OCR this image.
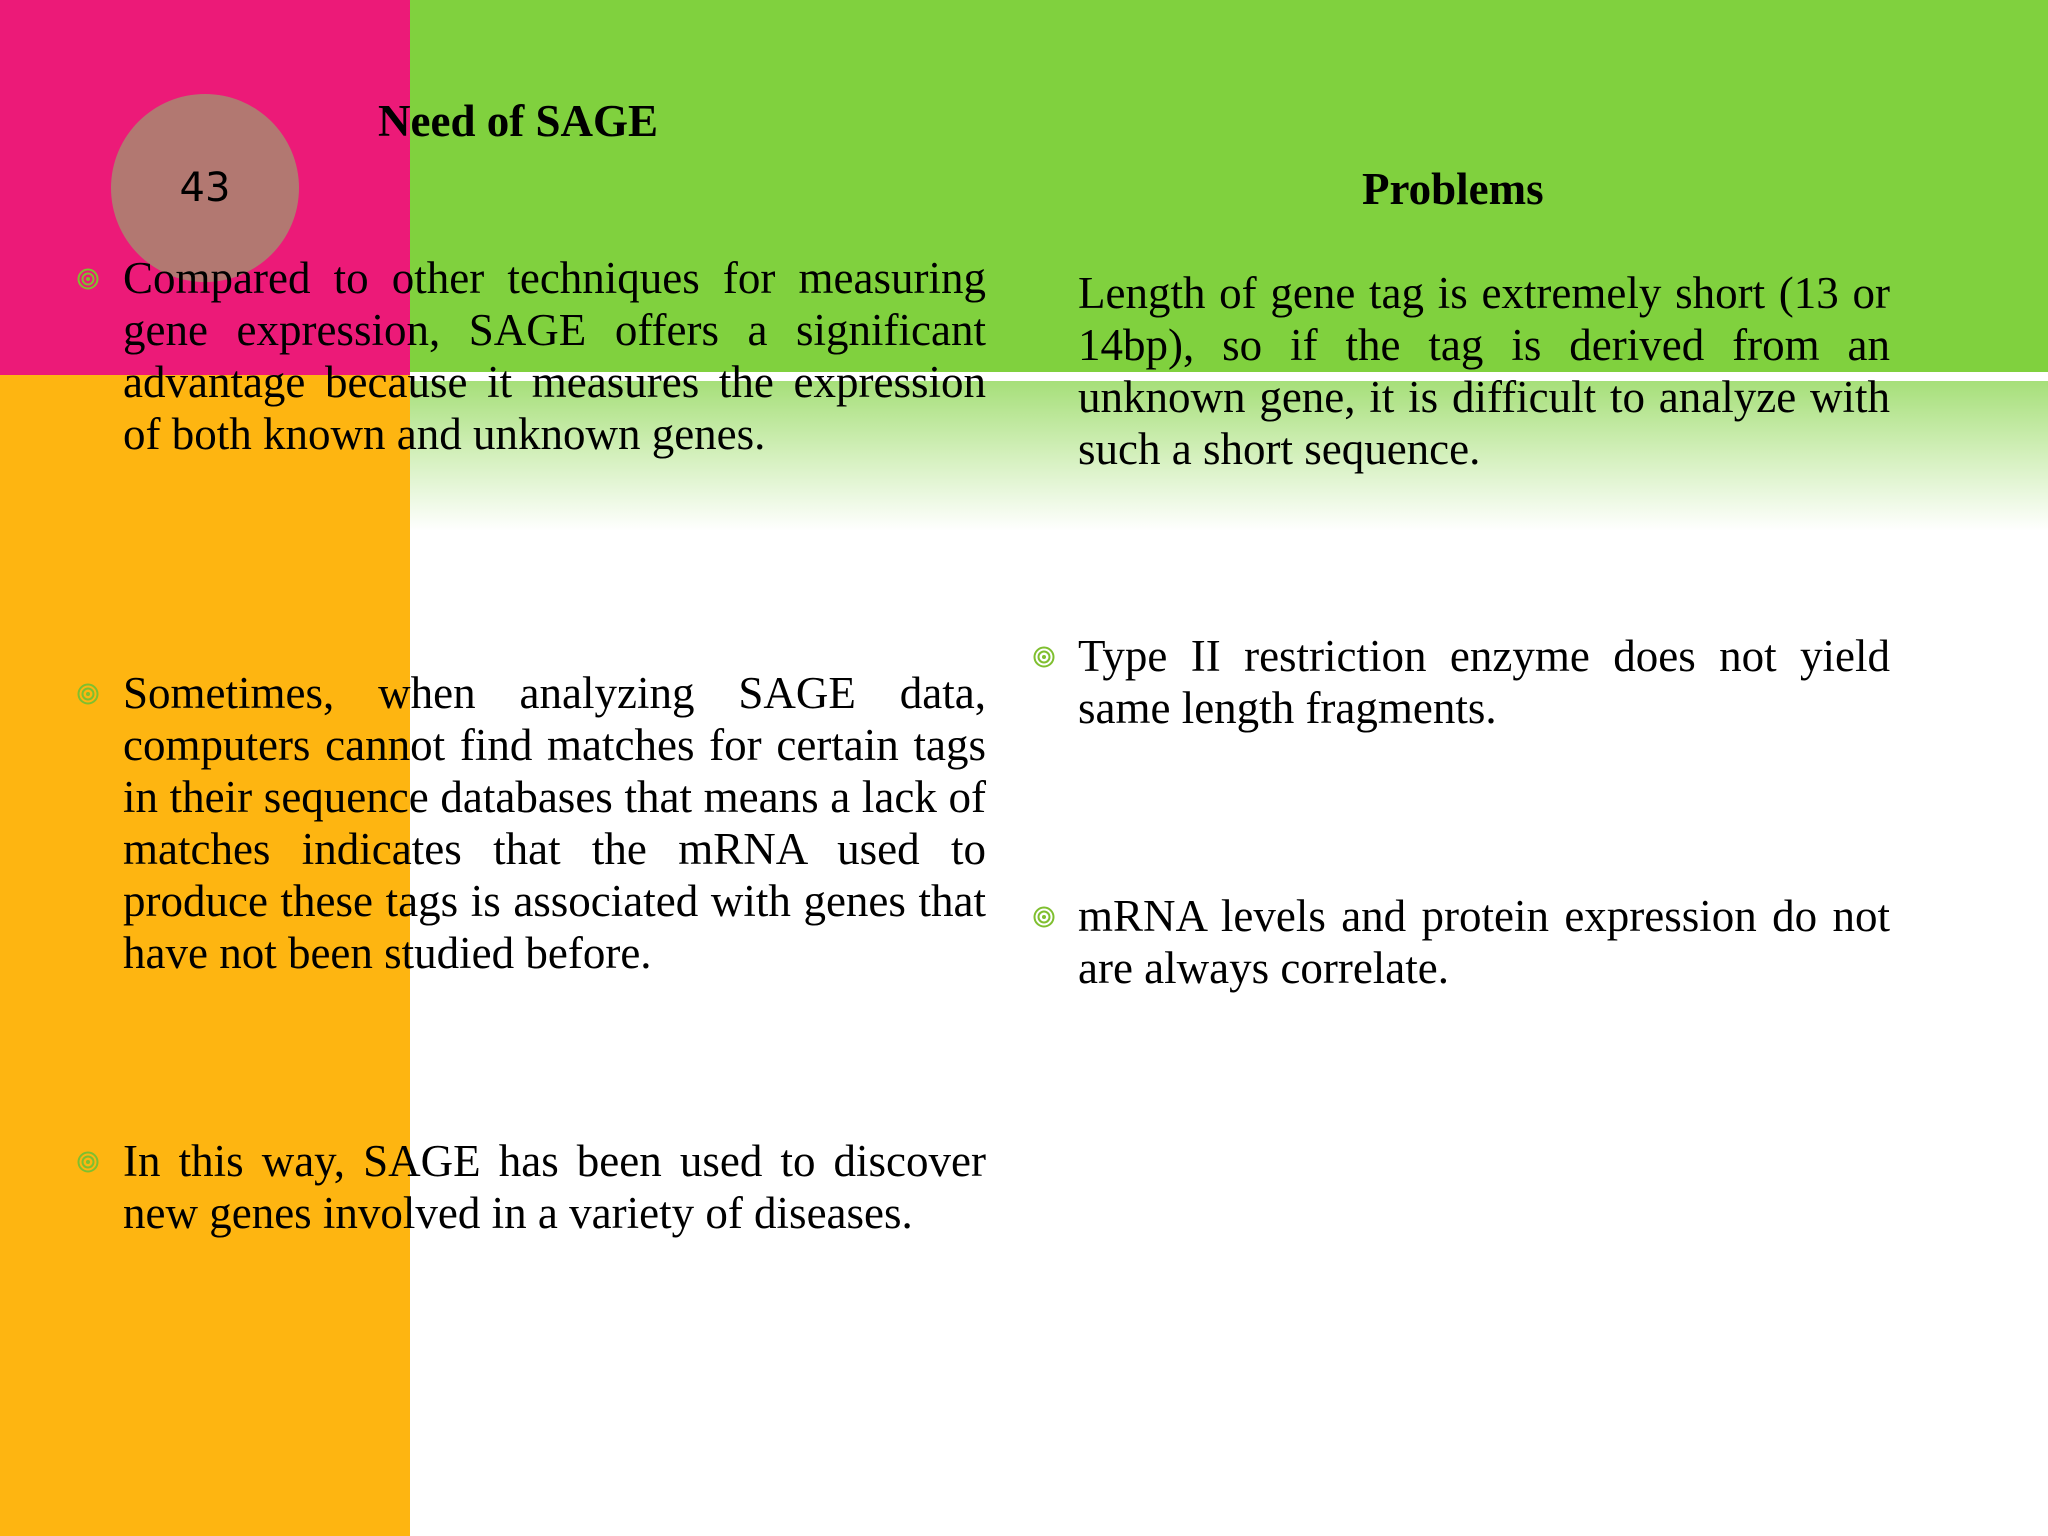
43
Need of SAGE
Problems

Compared to other techniques for measuring gene expression, SAGE offers a significant advantage because it measures the expression of both known and unknown genes.

Sometimes, when analyzing SAGE data, computers cannot find matches for certain tags in their sequence databases that means a lack of matches indicates that the mRNA used to produce these tags is associated with genes that have not been studied before.

In this way, SAGE has been used to discover new genes involved in a variety of diseases.

Length of gene tag is extremely short (13 or 14bp), so if the tag is derived from an unknown gene, it is difficult to analyze with such a short sequence.

Type II restriction enzyme does not yield same length fragments.

mRNA levels and protein expression do not are always correlate.
